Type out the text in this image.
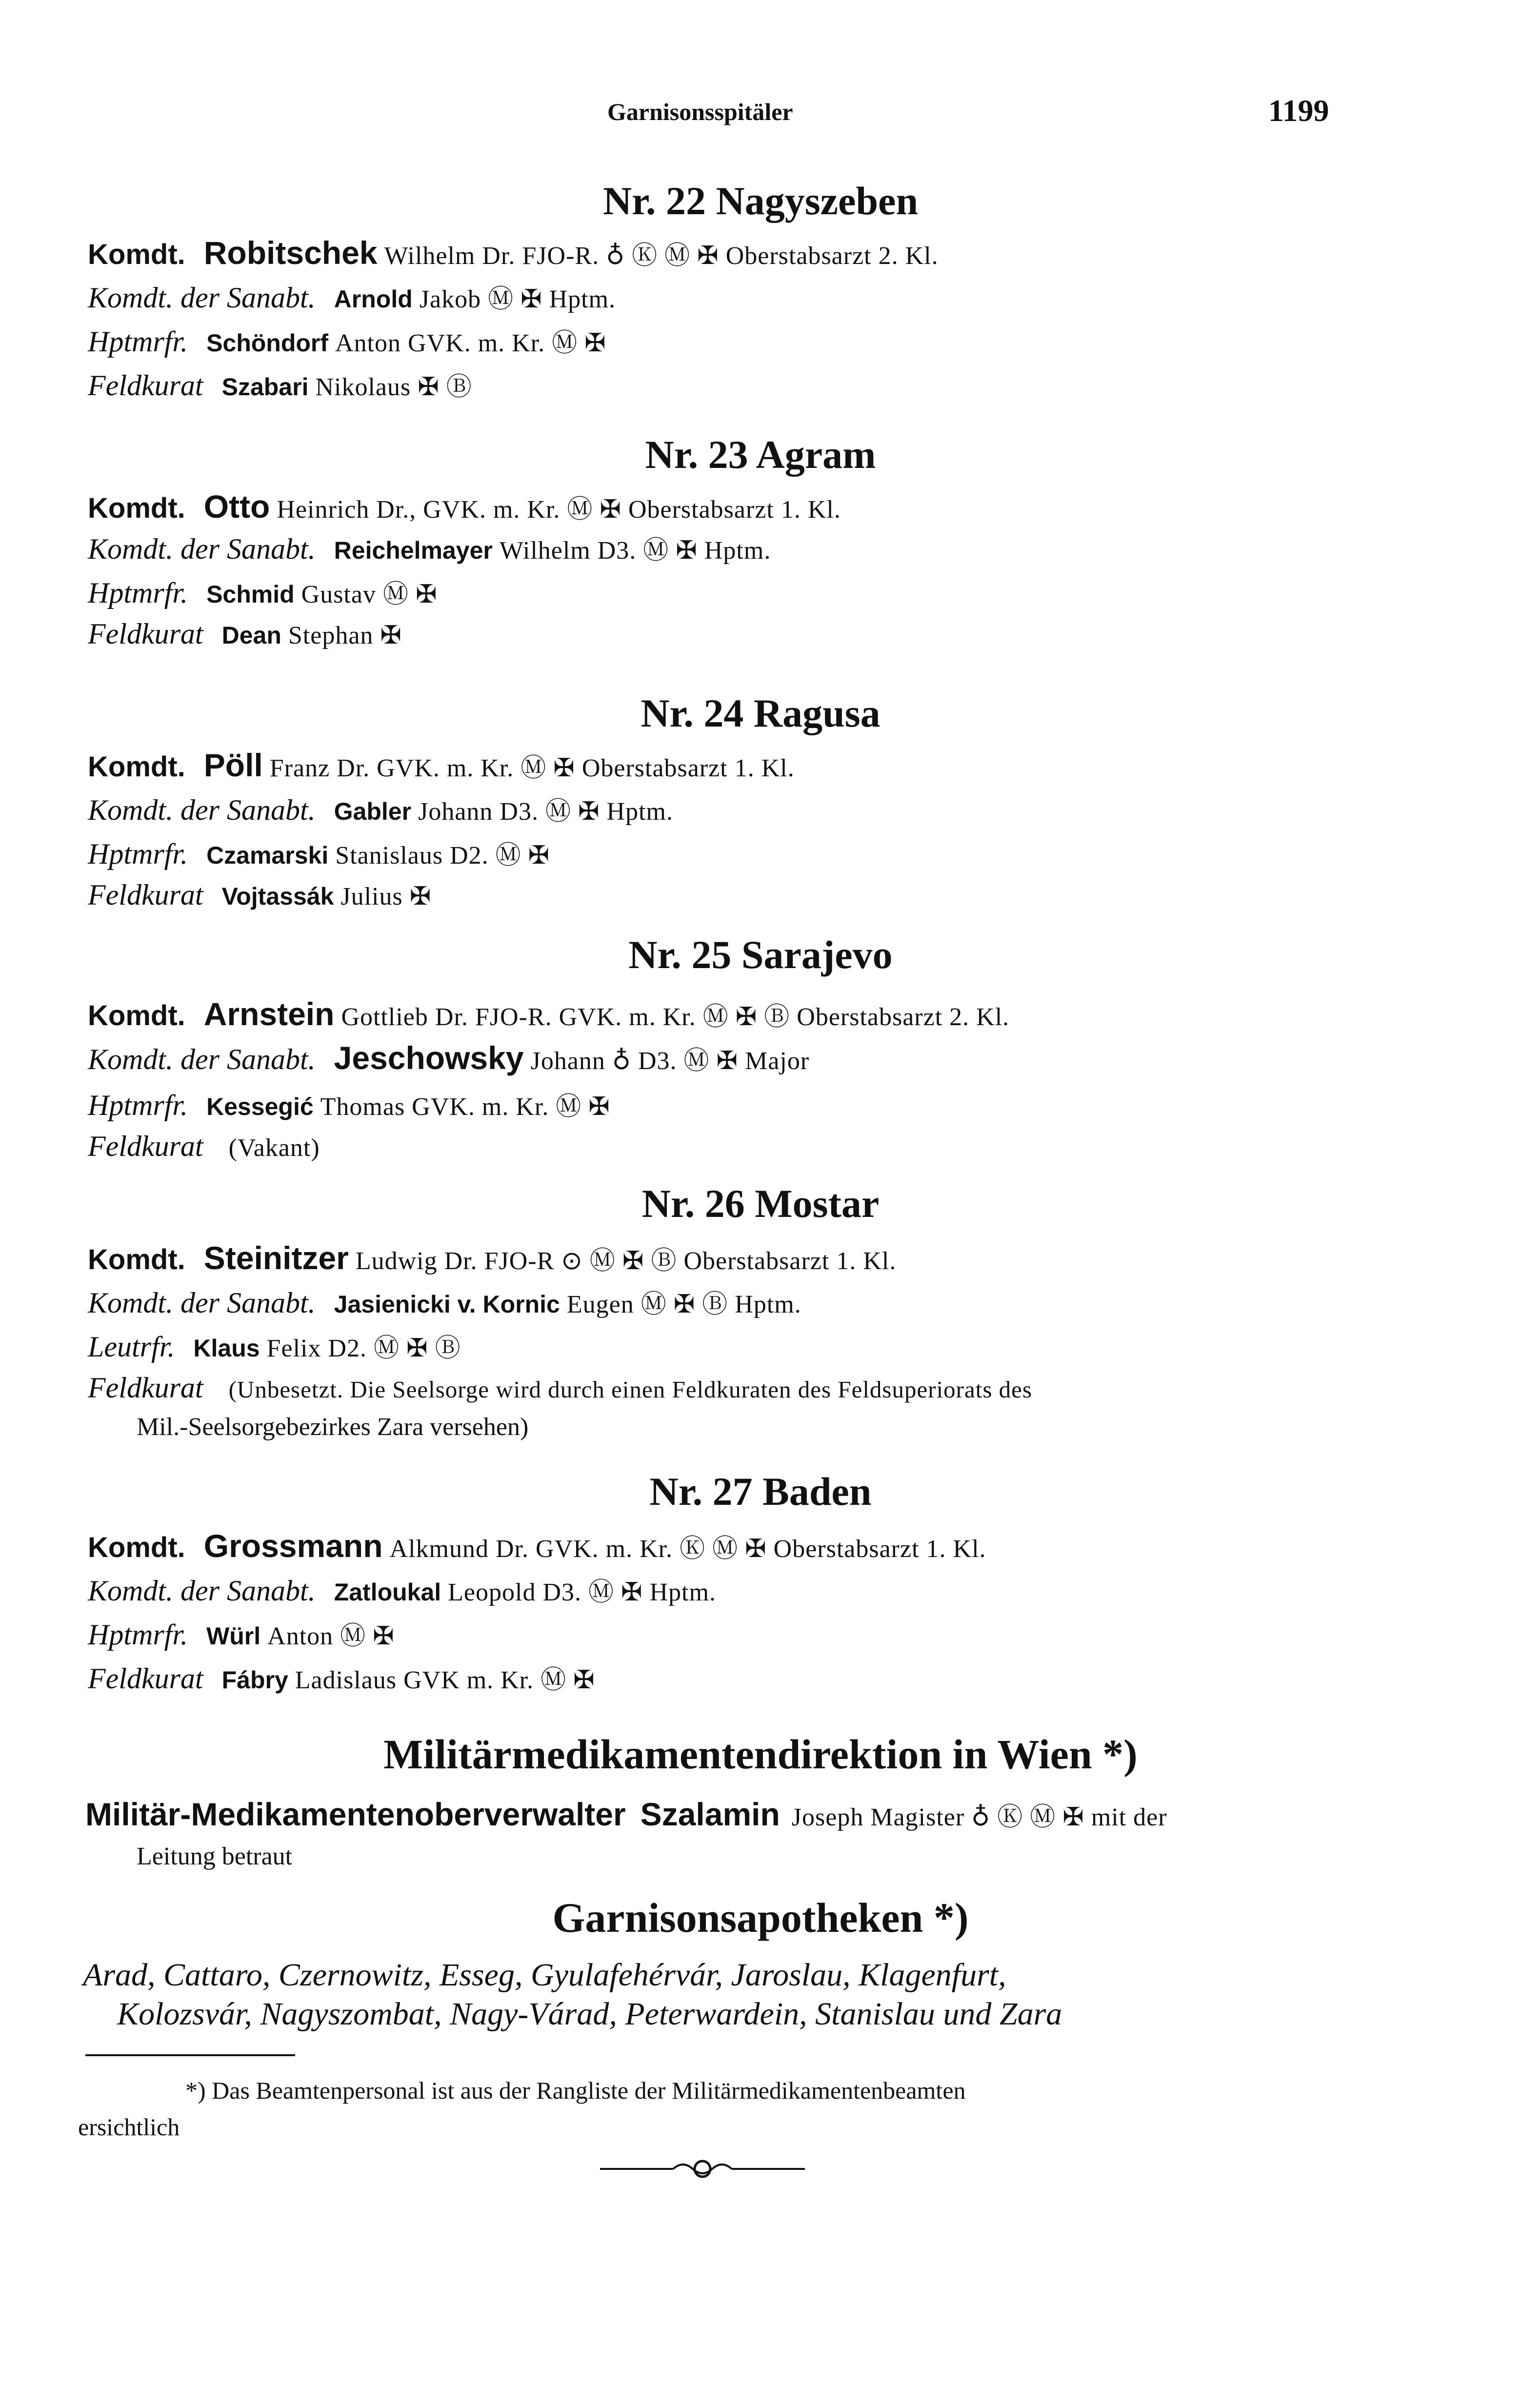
Garnisonsspitäler	1199
Nr. 22 Nagyszeben
Komdt. Robitschek Wilhelm Dr. FJO-R. ♁ Ⓚ Ⓜ ✠ Oberstabsarzt 2. Kl.
Komdt. der Sanabt. Arnold Jakob Ⓜ ✠ Hptm.
Hptmrfr. Schöndorf Anton GVK. m. Kr. Ⓜ ✠
Feldkurat Szabari Nikolaus ✠ Ⓑ
Nr. 23 Agram
Komdt. Otto Heinrich Dr., GVK. m. Kr. Ⓜ ✠ Oberstabsarzt 1. Kl.
Komdt. der Sanabt. Reichelmayer Wilhelm D3. Ⓜ ✠ Hptm.
Hptmrfr. Schmid Gustav Ⓜ ✠
Feldkurat Dean Stephan ✠
Nr. 24 Ragusa
Komdt. Pöll Franz Dr. GVK. m. Kr. Ⓜ ✠ Oberstabsarzt 1. Kl.
Komdt. der Sanabt. Gabler Johann D3. Ⓜ ✠ Hptm.
Hptmrfr. Czamarski Stanislaus D2. Ⓜ ✠
Feldkurat Vojtassák Julius ✠
Nr. 25 Sarajevo
Komdt. Arnstein Gottlieb Dr. FJO-R. GVK. m. Kr. Ⓜ ✠ Ⓑ Oberstabsarzt 2. Kl.
Komdt. der Sanabt. Jeschowsky Johann ♁ D3. Ⓜ ✠ Major
Hptmrfr. Kessegić Thomas GVK. m. Kr. Ⓜ ✠
Feldkurat (Vakant)
Nr. 26 Mostar
Komdt. Steinitzer Ludwig Dr. FJO-R ⊙ Ⓜ ✠ Ⓑ Oberstabsarzt 1. Kl.
Komdt. der Sanabt. Jasienicki v. Kornic Eugen Ⓜ ✠ Ⓑ Hptm.
Leutrfr. Klaus Felix D2. Ⓜ ✠ Ⓑ
Feldkurat (Unbesetzt. Die Seelsorge wird durch einen Feldkuraten des Feldsuperiorats des
Mil.-Seelsorgebezirkes Zara versehen)
Nr. 27 Baden
Komdt. Grossmann Alkmund Dr. GVK. m. Kr. Ⓚ Ⓜ ✠ Oberstabsarzt 1. Kl.
Komdt. der Sanabt. Zatloukal Leopold D3. Ⓜ ✠ Hptm.
Hptmrfr. Würl Anton Ⓜ ✠
Feldkurat Fábry Ladislaus GVK m. Kr. Ⓜ ✠
Militärmedikamentendirektion in Wien *)
Militär-Medikamentenoberverwalter Szalamin Joseph Magister ♁ Ⓚ Ⓜ ✠ mit der
Leitung betraut
Garnisonsapotheken *)
Arad, Cattaro, Czernowitz, Esseg, Gyulafehérvár, Jaroslau, Klagenfurt,
Kolozsvár, Nagyszombat, Nagy-Várad, Peterwardein, Stanislau und Zara
*) Das Beamtenpersonal ist aus der Rangliste der Militärmedikamentenbeamten
ersichtlich
